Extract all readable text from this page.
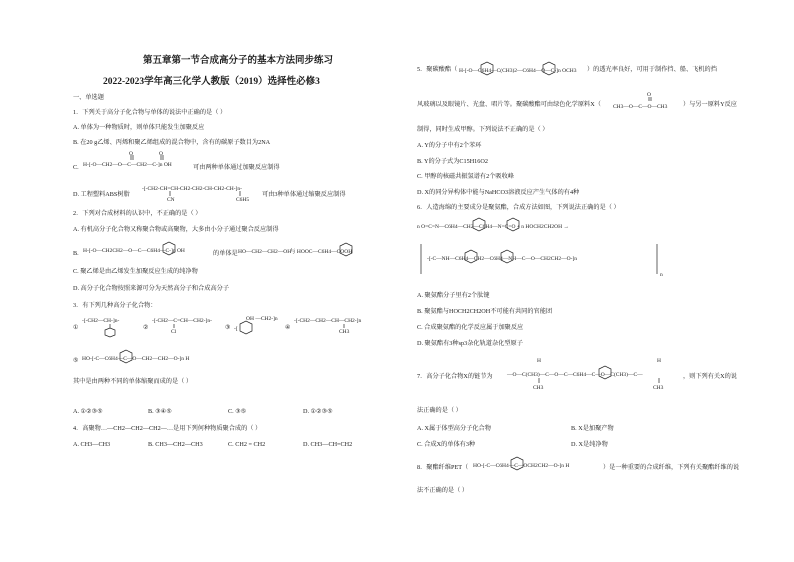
第五章第一节合成高分子的基本方法同步练习
2022-2023学年高三化学人教版（2019）选择性必修3
一、单选题
1．下列关于高分子化合物与单体的说法中正确的是（ ）
A. 单体为一种物质时，则单体只能发生加聚反应
B. 在20 g乙烯、丙烯和聚乙烯组成的混合物中，含有的碳原子数目为2NA
C. H-[-O—CH2—O—C—CH2—C-]n OH
O	O
可由两种单体通过加聚反应制得
D. 工程塑料ABS树脂
-[-CH2-CH=CH-CH2-CH2-CH-CH2-CH-]n-
CN	C6H5
可由3种单体通过缩聚反应制得
2．下列对合成材料的认识中，不正确的是（ ）
A. 有机高分子化合物又称聚合物或高聚物，大多由小分子通过聚合反应制得
B. H-[-O—CH2CH2—O—C—C6H4—C-]n OH	的单体是 HO—CH2—CH2—OH
与 HOOC—C6H4—COOH
C. 聚乙烯是由乙烯发生加聚反应生成的纯净物
D. 高分子化合物按照来源可分为天然高分子和合成高分子
3．有下列几种高分子化合物：
①
-[-CH2—CH-]n-
②
-[-CH2—C=CH—CH2-]n-
Cl
③ -[
OH —CH2-]n
④
-[-CH2—CH2—CH—CH2-]n
CH3
⑤ HO-[-C—C6H4—C—O—CH2—CH2—O-]n H
其中是由两种不同的单体缩聚而成的是（ ）
A. ①②③⑤	B. ③④⑤	C. ③⑤	D. ①②③⑤
4．高聚物…—CH2—CH2—CH2—…是用下列何种物质聚合成的（ ）
A. CH3—CH3	B. CH3—CH2—CH3	C. CH2 = CH2	D. CH3—CH=CH2
5．聚碳酸酯（ H-[-O—C6H4—C(CH3)2—C6H4—O—C-]n OCH3 ）的透光率良好，可用于制作挡、船、飞机的挡
风玻璃以及眼镜片、光盘、唱片等。聚碳酸酯可由绿色化学原料X（
O
CH3—O—C—O—CH3	）与另一原料Y反应
制得，同时生成甲醇。下列说法不正确的是（ ）
A. Y的分子中有2个苯环
B. Y的分子式为C15H16O2
C. 甲醇的核磁共振氢谱有2个吸收峰
D. X的同分异构体中能与NaHCO3溶液反应产生气体的有4种
6．人造海绵的主要成分是聚氨酯，合成方法如图，下列说法正确的是（ ）
n O=C=N—C6H4—CH2—C6H4—N=C=O + n HOCH2CH2OH →
-[-C—NH—C6H4—CH2—C6H4—NH—C—O—CH2CH2—O-]n
n
A. 聚氨酯分子里有2个肽键
B. 聚氨酯与HOCH2CH2OH不可能有共同的官能团
C. 合成聚氨酯的化学反应属于加聚反应
D. 聚氨酯有3种sp3杂化轨道杂化型原子
7．高分子化合物X的链节为	—O—C(CH3)—C—O—C—C6H4—C—O—C(CH3)—C—
H	H
CH3	CH3
，则下列有关X的说
法正确的是（ ）
A. X属于体型高分子化合物	B. X是加聚产物
C. 合成X的单体有3种	D. X是纯净物
8．聚酯纤维PET（ HO-[-C—C6H4—C—OCH2CH2—O-]n H	）是一种重要的合成纤维，下列有关聚酯纤维的说
法不正确的是（ ）
